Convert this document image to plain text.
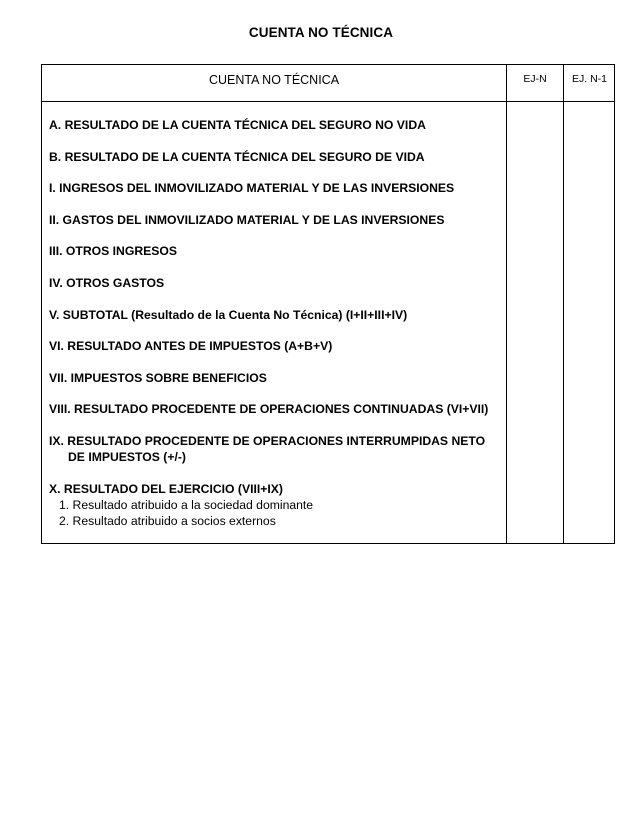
CUENTA NO TÉCNICA
CUENTA NO TÉCNICA	EJ-N	EJ. N-1
A. RESULTADO DE LA CUENTA TÉCNICA DEL SEGURO NO VIDA
B. RESULTADO DE LA CUENTA TÉCNICA DEL SEGURO DE VIDA
I. INGRESOS DEL INMOVILIZADO MATERIAL Y DE LAS INVERSIONES
II. GASTOS DEL INMOVILIZADO MATERIAL Y DE LAS INVERSIONES
III. OTROS INGRESOS
IV. OTROS GASTOS
V. SUBTOTAL (Resultado de la Cuenta No Técnica) (I+II+III+IV)
VI. RESULTADO ANTES DE IMPUESTOS (A+B+V)
VII. IMPUESTOS SOBRE BENEFICIOS
VIII. RESULTADO PROCEDENTE DE OPERACIONES CONTINUADAS (VI+VII)
IX. RESULTADO PROCEDENTE DE OPERACIONES INTERRUMPIDAS NETO DE IMPUESTOS (+/-)
X. RESULTADO DEL EJERCICIO (VIII+IX)
1. Resultado atribuido a la sociedad dominante
2. Resultado atribuido a socios externos
